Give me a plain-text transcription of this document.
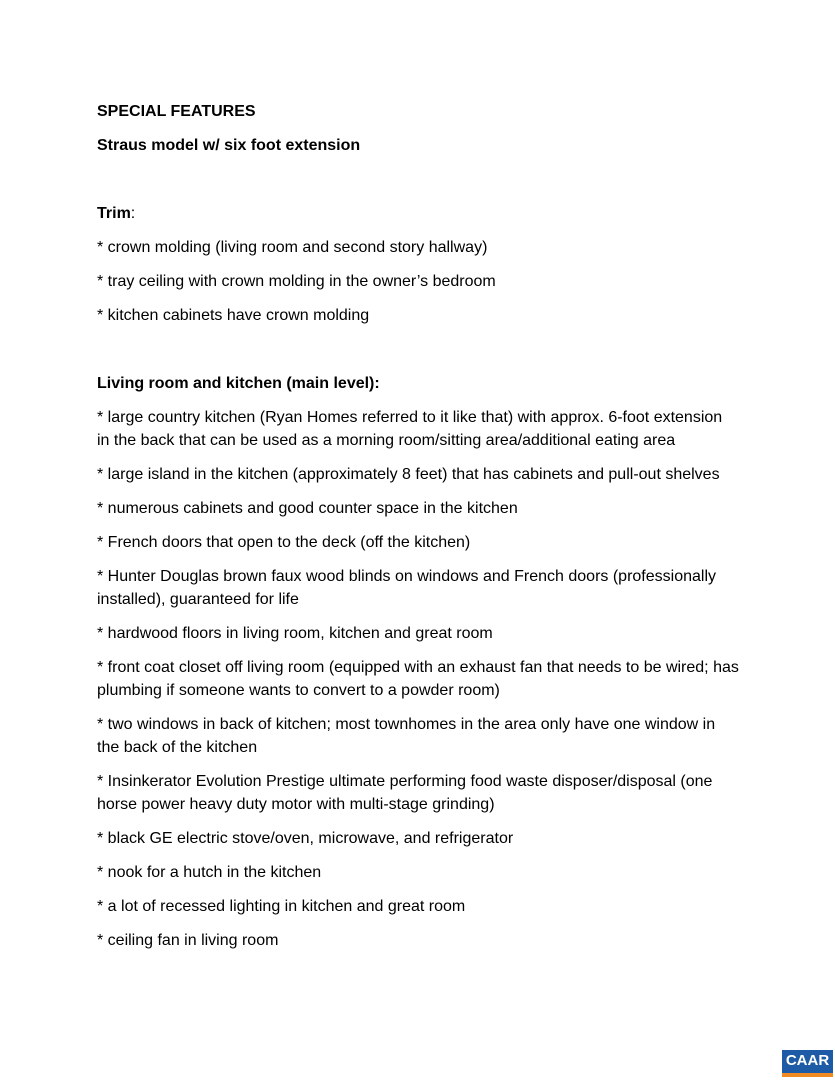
SPECIAL FEATURES

Straus model w/ six foot extension

Trim:

* crown molding (living room and second story hallway)

* tray ceiling with crown molding in the owner’s bedroom

* kitchen cabinets have crown molding

Living room and kitchen (main level):

* large country kitchen (Ryan Homes referred to it like that) with approx. 6-foot extension in the back that can be used as a morning room/sitting area/additional eating area

* large island in the kitchen (approximately 8 feet) that has cabinets and pull-out shelves

* numerous cabinets and good counter space in the kitchen

* French doors that open to the deck (off the kitchen)

* Hunter Douglas brown faux wood blinds on windows and French doors (professionally installed), guaranteed for life

* hardwood floors in living room, kitchen and great room

* front coat closet off living room (equipped with an exhaust fan that needs to be wired; has plumbing if someone wants to convert to a powder room)

* two windows in back of kitchen; most townhomes in the area only have one window in the back of the kitchen

* Insinkerator Evolution Prestige ultimate performing food waste disposer/disposal (one horse power heavy duty motor with multi-stage grinding)

* black GE electric stove/oven, microwave, and refrigerator

* nook for a hutch in the kitchen

* a lot of recessed lighting in kitchen and great room

* ceiling fan in living room

CAAR
